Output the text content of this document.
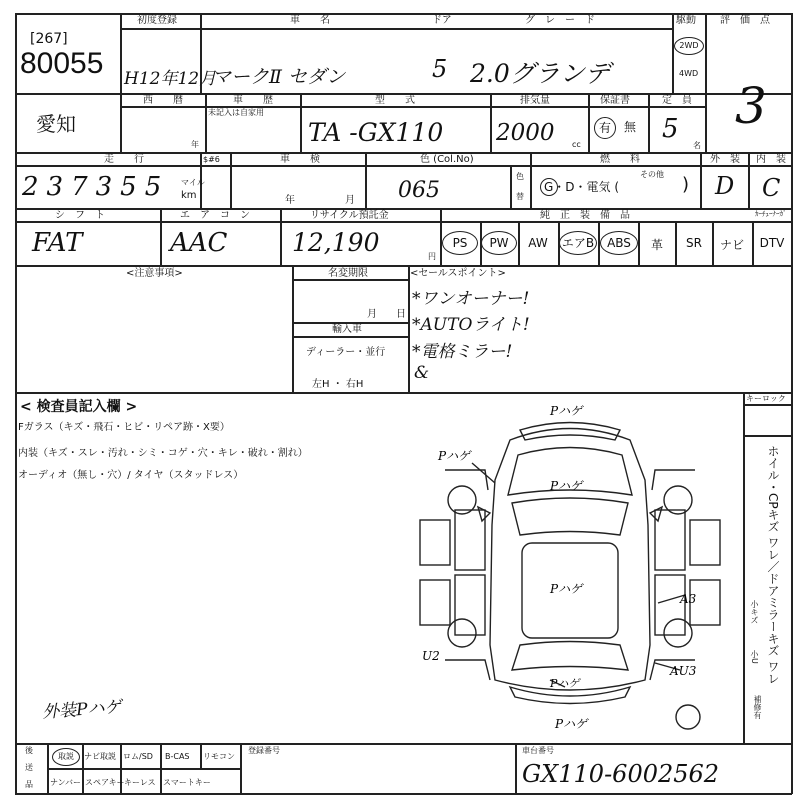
[267]
80055
初度登録
H12年12月
車　　名
マークⅡ セダン
ドア
5
グ　レ　ー　ド
2.0グランデ
駆動
2WD
4WD
評　価　点
愛知
西　　暦
年
車　　歴
未記入は自家用
型　　式
TA -GX110
排気量
2000 cc
保証書
有	無
定　員
5
名
3
走　　行
237355 マイル
km
$#6	車　　検
年	月
色 (Col.No)
065
色
替
燃　　料
G・D・電気 (
その他 )
外　装
D
内　装
C
シ　フ　ト
FAT
エ　ア　コ　ン
AAC
リサイクル預託金
12,190	円
純　正　装　備　品	ｶｰﾁｭｰﾅｰｶﾞ
PS	PW	AW	エアB	ABS	革	SR	ナビ	DTV
<注意事項>	名変期限
月 日
輸入車
ディーラー・並行
左H ・ 右H
<セールスポイント>
*ワンオーナー!
*AUTOライト!
*電格ミラー!
&
< 検査員記入欄 >
Fガラス（キズ・飛石・ヒビ・リペア跡・X要）
内装（キズ・スレ・汚れ・シミ・コゲ・穴・キレ・破れ・割れ）
オーディオ（無し・穴）/ タイヤ（スタッドレス）
キーロック
ホイル・CPキズ ワレ／ドアミラーキズ ワレ
小キズ
小U
補修有
外装Pハゲ
Pハゲ
Pハゲ
Pハゲ
Pハゲ
Pハゲ
Pハゲ
A3
AU3
U2
後
送
品
取説	ナビ取説 ロム/SD B-CAS リモコン
ナンバー スペアキー キーレス スマートキー
登録番号	車台番号
GX110-6002562
